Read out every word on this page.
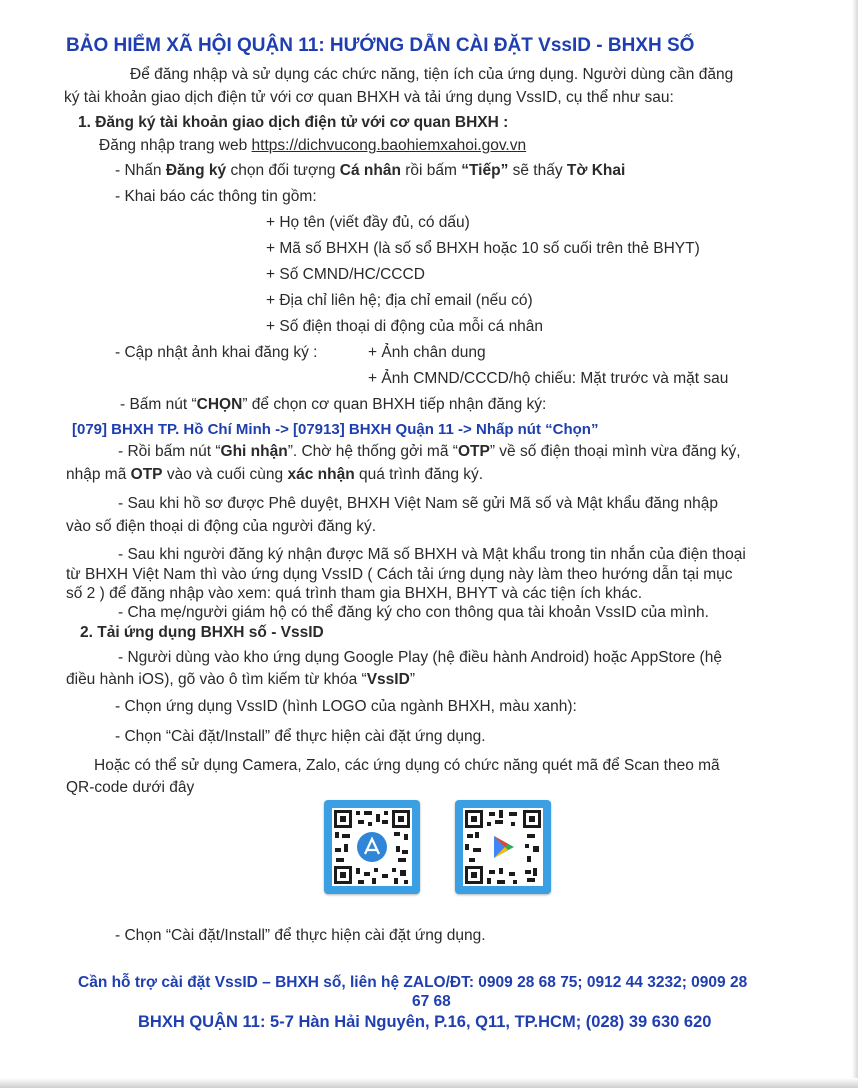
BẢO HIỂM XÃ HỘI QUẬN 11: HƯỚNG DẪN CÀI ĐẶT VssID - BHXH SỐ
Để đăng nhập và sử dụng các chức năng, tiện ích của ứng dụng. Người dùng cần đăng
ký tài khoản giao dịch điện tử với cơ quan BHXH và tải ứng dụng VssID, cụ thể như sau:
1. Đăng ký tài khoản giao dịch điện tử với cơ quan BHXH :
Đăng nhập trang web https://dichvucong.baohiemxahoi.gov.vn
- Nhấn Đăng ký chọn đối tượng Cá nhân rồi bấm “Tiếp” sẽ thấy Tờ Khai
- Khai báo các thông tin gồm:
+ Họ tên (viết đầy đủ, có dấu)
+ Mã số BHXH (là số sổ BHXH hoặc 10 số cuối trên thẻ BHYT)
+ Số CMND/HC/CCCD
+ Địa chỉ liên hệ; địa chỉ email (nếu có)
+ Số điện thoại di động của mỗi cá nhân
- Cập nhật ảnh khai đăng ký :	+ Ảnh chân dung
+ Ảnh CMND/CCCD/hộ chiếu: Mặt trước và mặt sau
- Bấm nút “CHỌN” để chọn cơ quan BHXH tiếp nhận đăng ký:
[079] BHXH TP. Hồ Chí Minh -> [07913] BHXH Quận 11 -> Nhấp nút “Chọn”
- Rồi bấm nút “Ghi nhận”. Chờ hệ thống gởi mã “OTP” về số điện thoại mình vừa đăng ký,
nhập mã OTP vào và cuối cùng xác nhận quá trình đăng ký.
- Sau khi hồ sơ được Phê duyệt, BHXH Việt Nam sẽ gửi Mã số và Mật khẩu đăng nhập
vào số điện thoại di động của người đăng ký.
- Sau khi người đăng ký nhận được Mã số BHXH và Mật khẩu trong tin nhắn của điện thoại
từ BHXH Việt Nam thì vào ứng dụng VssID ( Cách tải ứng dụng này làm theo hướng dẫn tại mục
số 2 ) để đăng nhập vào xem: quá trình tham gia BHXH, BHYT và các tiện ích khác.
- Cha mẹ/người giám hộ có thể đăng ký cho con thông qua tài khoản VssID của mình.
2. Tải ứng dụng BHXH số - VssID
- Người dùng vào kho ứng dụng Google Play (hệ điều hành Android) hoặc AppStore (hệ
điều hành iOS), gõ vào ô tìm kiếm từ khóa “VssID”
- Chọn ứng dụng VssID (hình LOGO của ngành BHXH, màu xanh):
- Chọn “Cài đặt/Install” để thực hiện cài đặt ứng dụng.
Hoặc có thể sử dụng Camera, Zalo, các ứng dụng có chức năng quét mã để Scan theo mã
QR-code dưới đây
- Chọn “Cài đặt/Install” để thực hiện cài đặt ứng dụng.
Cần hỗ trợ cài đặt VssID – BHXH số, liên hệ ZALO/ĐT: 0909 28 68 75; 0912 44 3232; 0909 28
67 68
BHXH QUẬN 11: 5-7 Hàn Hải Nguyên, P.16, Q11, TP.HCM; (028) 39 630 620
